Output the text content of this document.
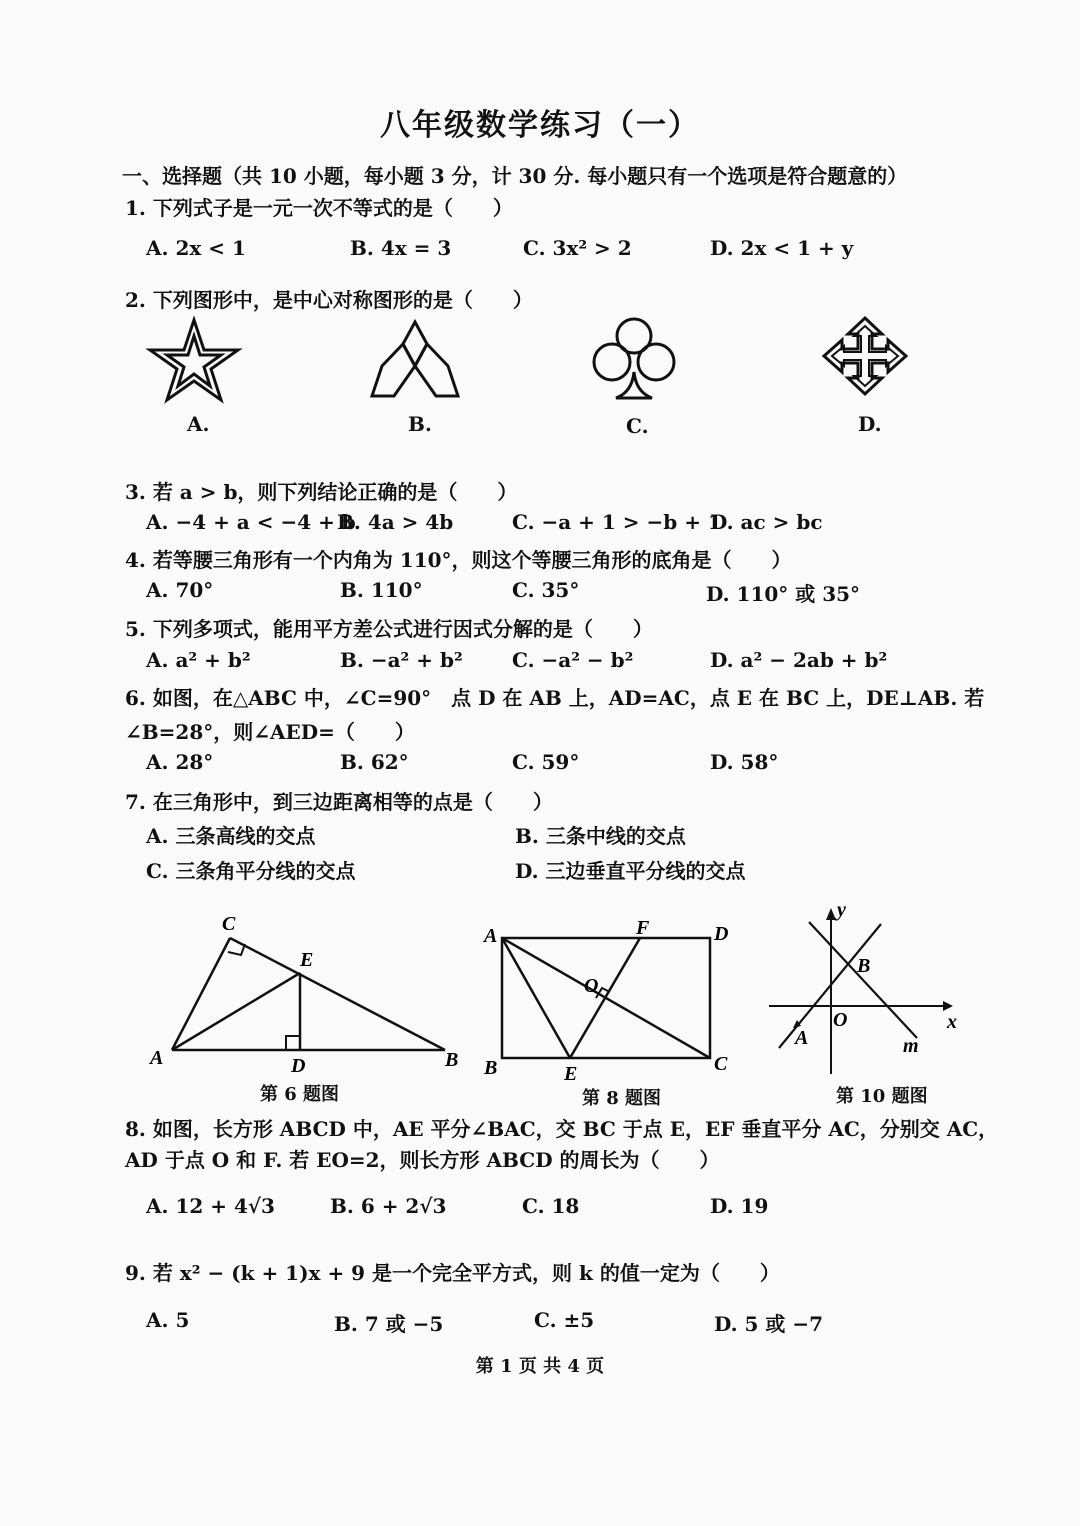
八年级数学练习（一）
一、选择题（共 10 小题，每小题 3 分，计 30 分. 每小题只有一个选项是符合题意的）
1. 下列式子是一元一次不等式的是（　　）
A. 2x < 1	B. 4x = 3	C. 3x² > 2	D. 2x < 1 + y
2. 下列图形中，是中心对称图形的是（　　）
A.	B.	C.	D.
3. 若 a > b，则下列结论正确的是（　　）
A. −4 + a < −4 + b
B. 4a > 4b	C. −a + 1 > −b + 1
D. ac > bc
4. 若等腰三角形有一个内角为 110°，则这个等腰三角形的底角是（　　）
A. 70°	B. 110°	C. 35°	D. 110° 或 35°
5. 下列多项式，能用平方差公式进行因式分解的是（　　）
A. a² + b²	B. −a² + b² C. −a² − b²	D. a² − 2ab + b²
6. 如图，在△ABC 中，∠C=90°　点 D 在 AB 上，AD=AC，点 E 在 BC 上，DE⊥AB. 若
∠B=28°，则∠AED=（　　）
A. 28°	B. 62°	C. 59°	D. 58°
7. 在三角形中，到三边距离相等的点是（　　）
A. 三条高线的交点	B. 三条中线的交点
C. 三条角平分线的交点	D. 三边垂直平分线的交点
C
E
A	D	B
第 6 题图
A	F	D
O
B	E	C
第 8 题图
y
B
O	x
A	m
第 10 题图
8. 如图，长方形 ABCD 中，AE 平分∠BAC，交 BC 于点 E，EF 垂直平分 AC，分别交 AC，
AD 于点 O 和 F. 若 EO=2，则长方形 ABCD 的周长为（　　）
A. 12 + 4√3	B. 6 + 2√3	C. 18	D. 19
9. 若 x² − (k + 1)x + 9 是一个完全平方式，则 k 的值一定为（　　）
A. 5	B. 7 或 −5	C. ±5	D. 5 或 −7
第 1 页 共 4 页
